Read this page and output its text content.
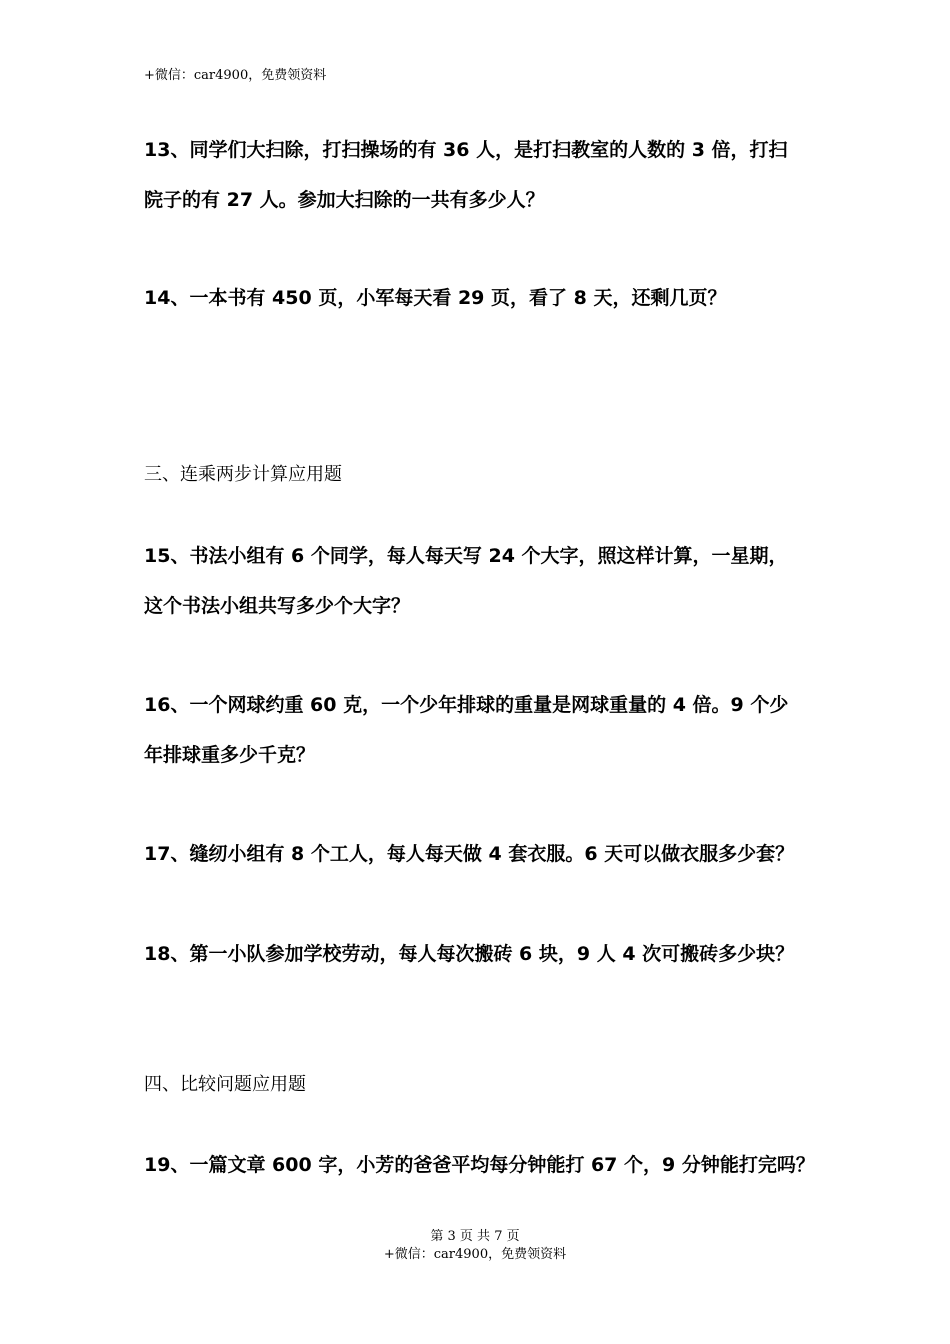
+微信：car4900，免费领资料
13、同学们大扫除，打扫操场的有 36 人，是打扫教室的人数的 3 倍，打扫
院子的有 27 人。参加大扫除的一共有多少人？
14、一本书有 450 页，小军每天看 29 页，看了 8 天，还剩几页？
三、连乘两步计算应用题
15、书法小组有 6 个同学，每人每天写 24 个大字，照这样计算，一星期，
这个书法小组共写多少个大字？
16、一个网球约重 60 克，一个少年排球的重量是网球重量的 4 倍。9 个少
年排球重多少千克？
17、缝纫小组有 8 个工人，每人每天做 4 套衣服。6 天可以做衣服多少套？
18、第一小队参加学校劳动，每人每次搬砖 6 块，9 人 4 次可搬砖多少块？
四、比较问题应用题
19、一篇文章 600 字，小芳的爸爸平均每分钟能打 67 个，9 分钟能打完吗？
第 3 页 共 7 页
+微信：car4900，免费领资料
